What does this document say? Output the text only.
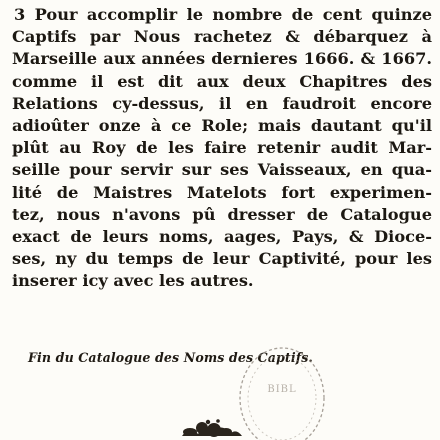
3 Pour accomplir le nombre de cent quinze
Captifs par Nous rachetez & débarquez à
Marseille aux années dernieres 1666. & 1667.
comme il est dit aux deux Chapitres des
Relations cy-dessus, il en faudroit encore
adioûter onze à ce Role; mais dautant qu'il
plût au Roy de les faire retenir audit Mar-
seille pour servir sur ses Vaisseaux, en qua-
lité de Maistres Matelots fort experimen-
tez, nous n'avons pû dresser de Catalogue
exact de leurs noms, aages, Pays, & Dioce-
ses, ny du temps de leur Captivité, pour les
inserer icy avec les autres.
Fin du Catalogue des Noms des Captifs.
BIBL
